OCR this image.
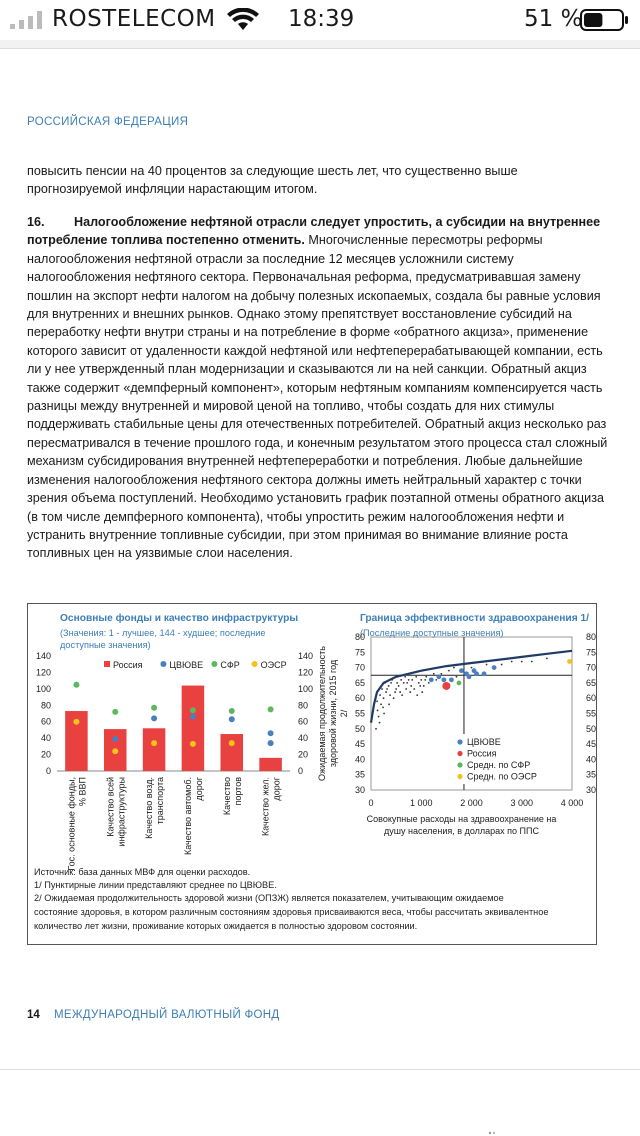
ROSTELECOM	18:39	51 %
РОССИЙСКАЯ ФЕДЕРАЦИЯ

повысить пенсии на 40 процентов за следующие шесть лет, что существенно выше прогнозируемой инфляции нарастающим итогом.

16. Налогообложение нефтяной отрасли следует упростить, а субсидии на внутреннее потребление топлива постепенно отменить. Многочисленные пересмотры реформы налогообложения нефтяной отрасли за последние 12 месяцев усложнили систему налогообложения нефтяного сектора. Первоначальная реформа, предусматривавшая замену пошлин на экспорт нефти налогом на добычу полезных ископаемых, создала бы равные условия для внутренних и внешних рынков. Однако этому препятствует восстановление субсидий на переработку нефти внутри страны и на потребление в форме «обратного акциза», применение которого зависит от удаленности каждой нефтяной или нефтеперерабатывающей компании, есть ли у нее утвержденный план модернизации и сказываются ли на ней санкции. Обратный акциз также содержит «демпферный компонент», которым нефтяным компаниям компенсируется часть разницы между внутренней и мировой ценой на топливо, чтобы создать для них стимулы поддерживать стабильные цены для отечественных потребителей. Обратный акциз несколько раз пересматривался в течение прошлого года, и конечным результатом этого процесса стал сложный механизм субсидирования внутренней нефтепереработки и потребления. Любые дальнейшие изменения налогообложения нефтяного сектора должны иметь нейтральный характер с точки зрения объема поступлений. Необходимо установить график поэтапной отмены обратного акциза (в том числе демпферного компонента), чтобы упростить режим налогообложения нефти и устранить внутренние топливные субсидии, при этом принимая во внимание влияние роста топливных цен на уязвимые слои населения.

Основные фонды и качество инфраструктуры
(Значения: 1 - лучшее, 144 - худшее; последние доступные значения)
Граница эффективности здравоохранения 1/
(Последние доступные значения)
0	0
20	20
40	40
60	60
80	80
100	100
120	120
140	140
Гос. основные фонды,% ВВП Качество всейинфраструктуры Качество возд.транспорта Качество автомоб.дорог Качествопортов Качество жел.дорог
Россия	ЦВЮВЕ СФР ОЭСР
30	30
35	35
40	40
45	45
50	50
55	55
60	60
65	65
70	70
75	75
80	80
0	1 000	2 000	3 000	4 000
ЦВЮВЕ
Россия
Средн. по СФР
Средн. по ОЭСР
Совокупные расходы на здравоохранение на душу населения, в долларах по ППС
Ожидаемая продолжительностьздоровой жизни, 2015 год2/
Источник: база данных МВФ для оценки расходов.
1/ Пунктирные линии представляют среднее по ЦВЮВЕ.
2/ Ожидаемая продолжительность здоровой жизни (ОПЗЖ) является показателем, учитывающим ожидаемое
состояние здоровья, в котором различным состояниям здоровья присваиваются веса, чтобы рассчитать эквивалентное количество лет жизни, проживание которых ожидается в полностью здоровом состоянии.
14 МЕЖДУНАРОДНЫЙ ВАЛЮТНЫЙ ФОНД
